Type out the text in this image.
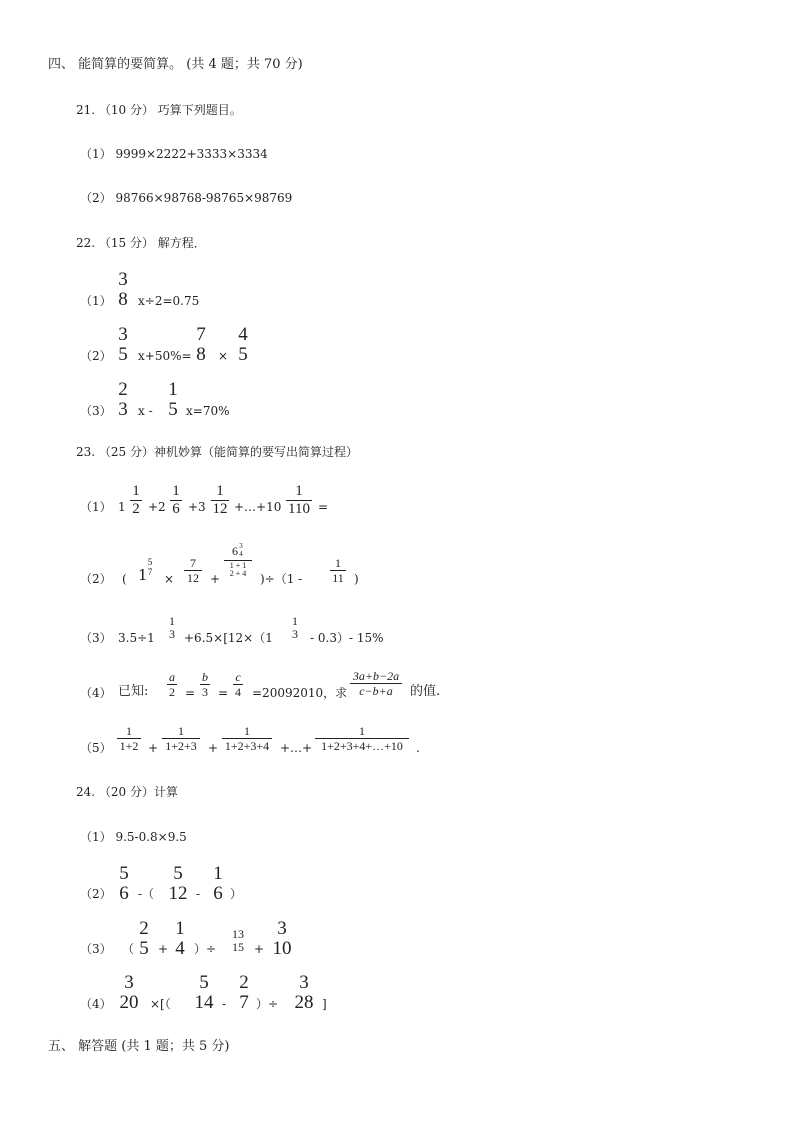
四、 能简算的要简算。 (共 4 题；共 70 分)
21. （10 分） 巧算下列题目。
（1） 9999×2222+3333×3334
（2） 98766×98768-98765×98769
22. （15 分） 解方程．
（1）
3
8 x÷2=0.75
（2）
3
5 x+50%=
7
8 ×
4
5
（3）
2
3 x -
1
5 x=70%
23. （25 分）神机妙算（能简算的要写出简算过程）
（1） 1
1
2 +2
1
6 +3
1
12 +…+10
1
110 =
（2） ( 1
5
7 ×
7
12 +
6 3
4
1 + 1
2 + 4	)÷（1 -
1
11 )
（3） 3.5÷1
1
3 +6.5×[12×（1
1
3 - 0.3）- 15%
（4） 已知:
a
2 =
b
3 =
c
4 =20092010，求
3a+b−2a
c−b+a	的值.
（5）
1
1+2 +
1
1+2+3 +
1
1+2+3+4 +…+
1
1+2+3+4+…+10	.
24. （20 分）计算
（1） 9.5-0.8×9.5
（2）
5
6 -（
5
12 -
1
6 ）
（3） （
2
5 +
1
4 ）÷
13
15 +
3
10
（4）
3
20 ×[（
5
14 -
2
7 ）÷
3
28 ]
五、 解答题 (共 1 题；共 5 分)
